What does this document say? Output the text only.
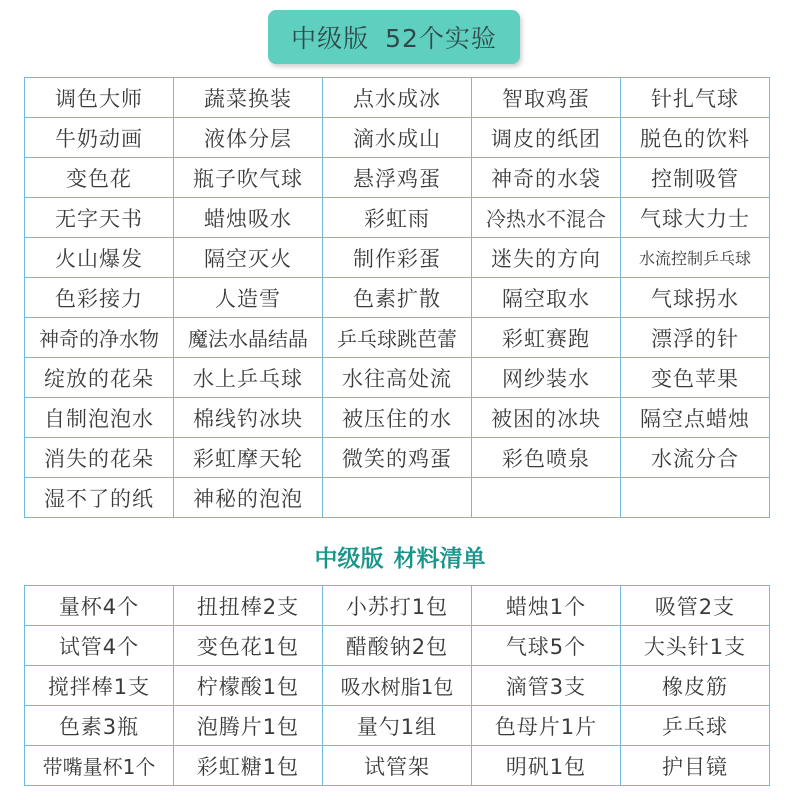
中级版 52个实验
调色大师	蔬菜换装	点水成冰	智取鸡蛋	针扎气球
牛奶动画	液体分层	滴水成山	调皮的纸团	脱色的饮料
变色花	瓶子吹气球	悬浮鸡蛋	神奇的水袋	控制吸管
无字天书	蜡烛吸水	彩虹雨	冷热水不混合	气球大力士
火山爆发	隔空灭火	制作彩蛋	迷失的方向	水流控制乒乓球
色彩接力	人造雪	色素扩散	隔空取水	气球拐水
神奇的净水物	魔法水晶结晶	乒乓球跳芭蕾	彩虹赛跑	漂浮的针
绽放的花朵	水上乒乓球	水往高处流	网纱装水	变色苹果
自制泡泡水	棉线钓冰块	被压住的水	被困的冰块	隔空点蜡烛
消失的花朵	彩虹摩天轮	微笑的鸡蛋	彩色喷泉	水流分合
湿不了的纸	神秘的泡泡			
中级版 材料清单
量杯4个	扭扭棒2支	小苏打1包	蜡烛1个	吸管2支
试管4个	变色花1包	醋酸钠2包	气球5个	大头针1支
搅拌棒1支	柠檬酸1包	吸水树脂1包	滴管3支	橡皮筋
色素3瓶	泡腾片1包	量勺1组	色母片1片	乒乓球
带嘴量杯1个	彩虹糖1包	试管架	明矾1包	护目镜
